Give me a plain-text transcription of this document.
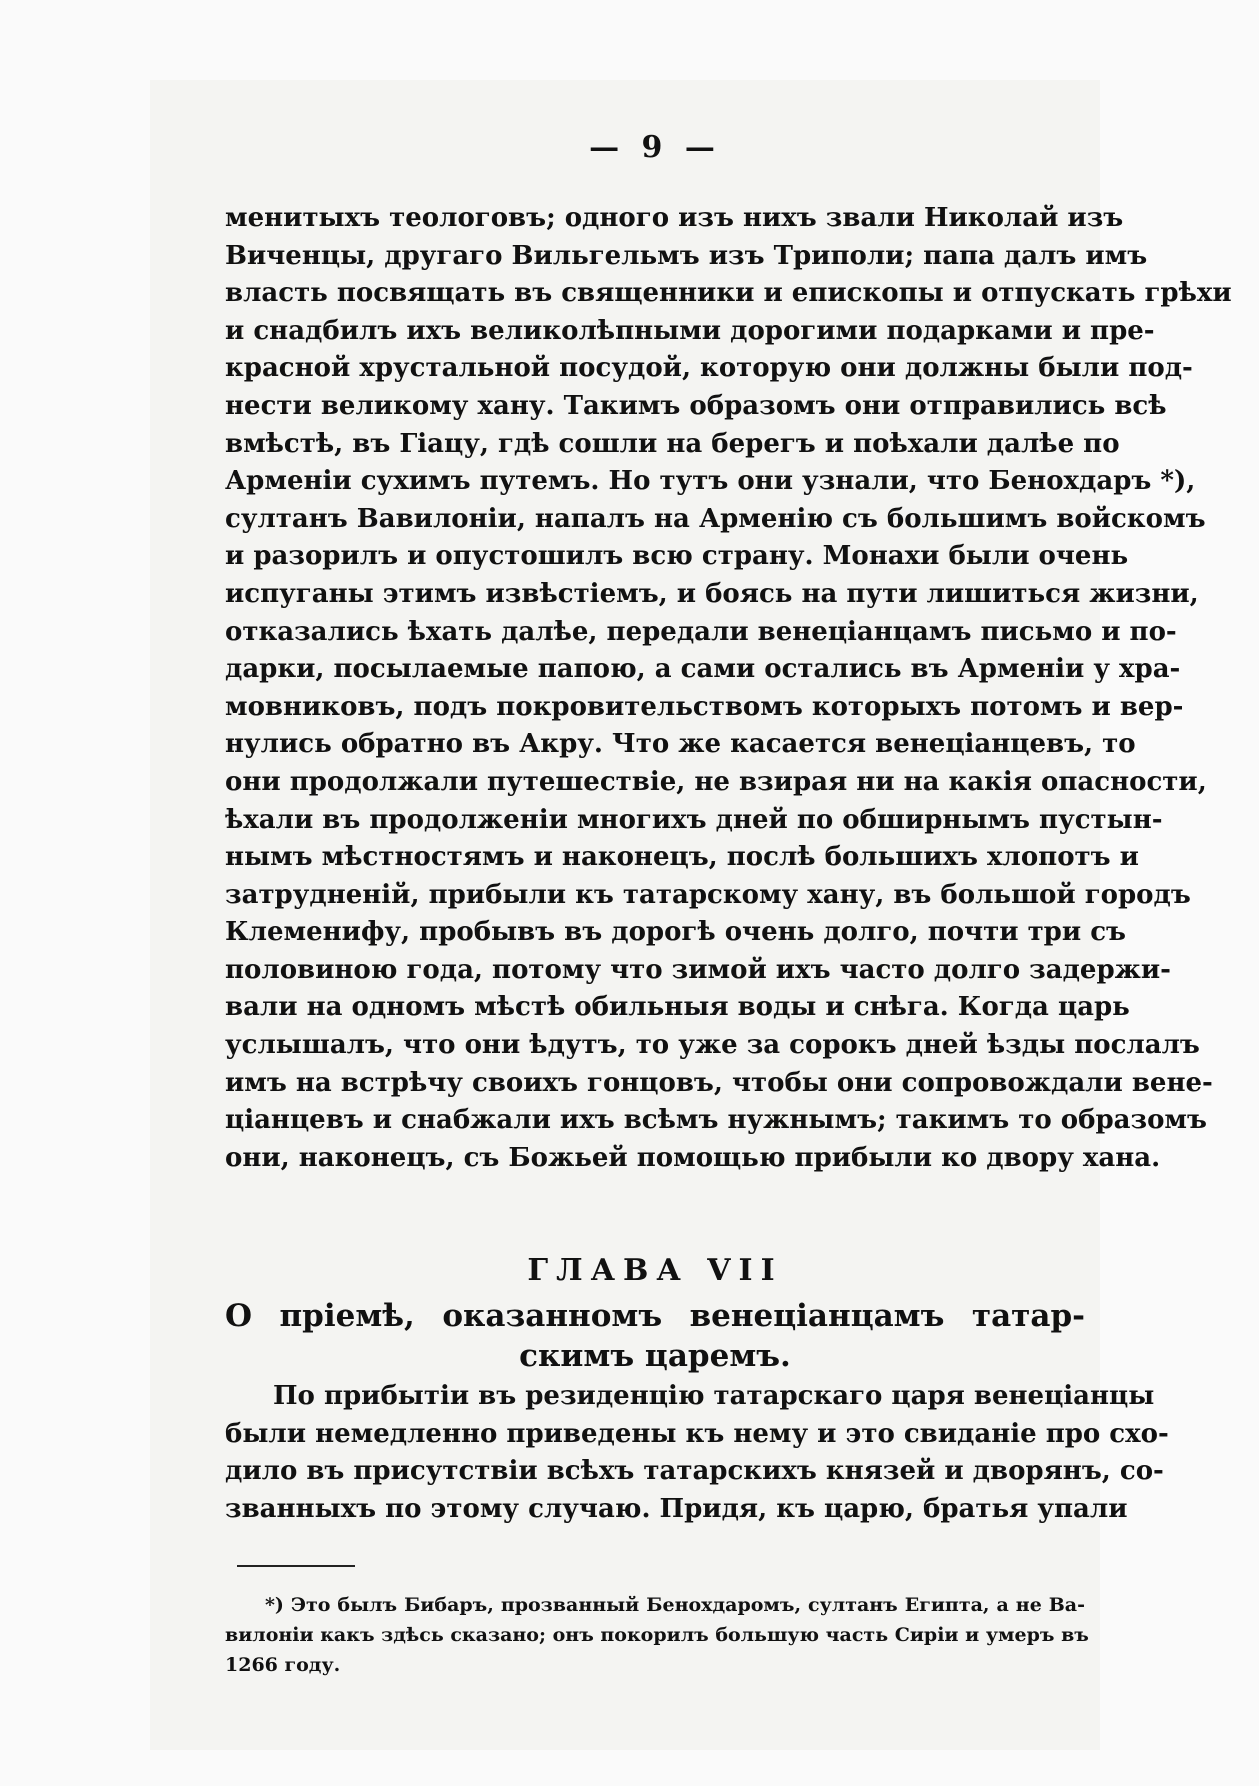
— 9 —
менитыхъ теологовъ; одного изъ нихъ звали Николай изъ
Виченцы, другаго Вильгельмъ изъ Триполи; папа далъ имъ
власть посвящать въ священники и епископы и отпускать грѣхи
и снадбилъ ихъ великолѣпными дорогими подарками и пре-
красной хрустальной посудой, которую они должны были под-
нести великому хану. Такимъ образомъ они отправились всѣ
вмѣстѣ, въ Гіацу, гдѣ сошли на берегъ и поѣхали далѣе по
Арменіи сухимъ путемъ. Но тутъ они узнали, что Бенохдаръ *),
султанъ Вавилоніи, напалъ на Арменію съ большимъ войскомъ
и разорилъ и опустошилъ всю страну. Монахи были очень
испуганы этимъ извѣстіемъ, и боясь на пути лишиться жизни,
отказались ѣхать далѣе, передали венеціанцамъ письмо и по-
дарки, посылаемые папою, а сами остались въ Арменіи у хра-
мовниковъ, подъ покровительствомъ которыхъ потомъ и вер-
нулись обратно въ Акру. Что же касается венеціанцевъ, то
они продолжали путешествіе, не взирая ни на какія опасности,
ѣхали въ продолженіи многихъ дней по обширнымъ пустын-
нымъ мѣстностямъ и наконецъ, послѣ большихъ хлопотъ и
затрудненій, прибыли къ татарскому хану, въ большой городъ
Клеменифу, пробывъ въ дорогѣ очень долго, почти три съ
половиною года, потому что зимой ихъ часто долго задержи-
вали на одномъ мѣстѣ обильныя воды и снѣга. Когда царь
услышалъ, что они ѣдутъ, то уже за сорокъ дней ѣзды послалъ
имъ на встрѣчу своихъ гонцовъ, чтобы они сопровождали вене-
ціанцевъ и снабжали ихъ всѣмъ нужнымъ; такимъ то образомъ
они, наконецъ, съ Божьей помощью прибыли ко двору хана.
ГЛАВА VII
О пріемѣ, оказанномъ венеціанцамъ татар-
скимъ царемъ.
По прибытіи въ резиденцію татарскаго царя венеціанцы
были немедленно приведены къ нему и это свиданіе про схо-
дило въ присутствіи всѣхъ татарскихъ князей и дворянъ, со-
званныхъ по этому случаю. Придя, къ царю, братья упали
*) Это былъ Бибаръ, прозванный Бенохдаромъ, султанъ Египта, а не Ва-
вилоніи какъ здѣсь сказано; онъ покорилъ большую часть Сиріи и умеръ въ
1266 году.
